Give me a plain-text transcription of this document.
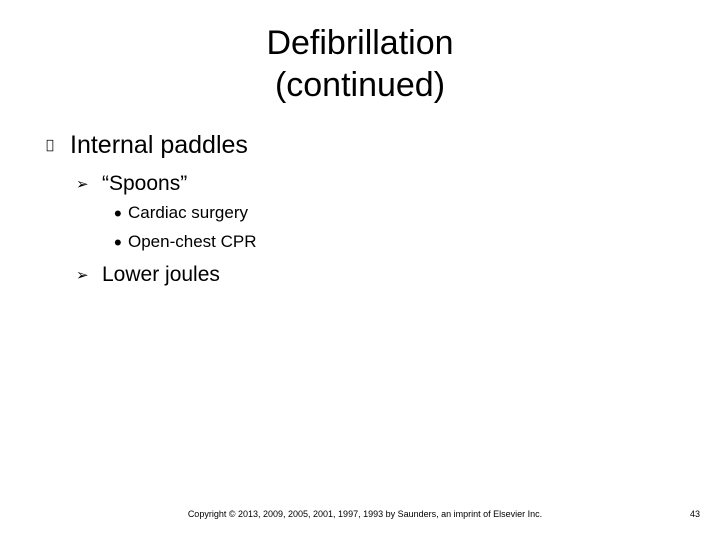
Defibrillation
(continued)
Internal paddles
➢ “Spoons”
• Cardiac surgery
• Open-chest CPR
➢ Lower joules
Copyright © 2013, 2009, 2005, 2001, 1997, 1993 by Saunders, an imprint of Elsevier Inc.	43
